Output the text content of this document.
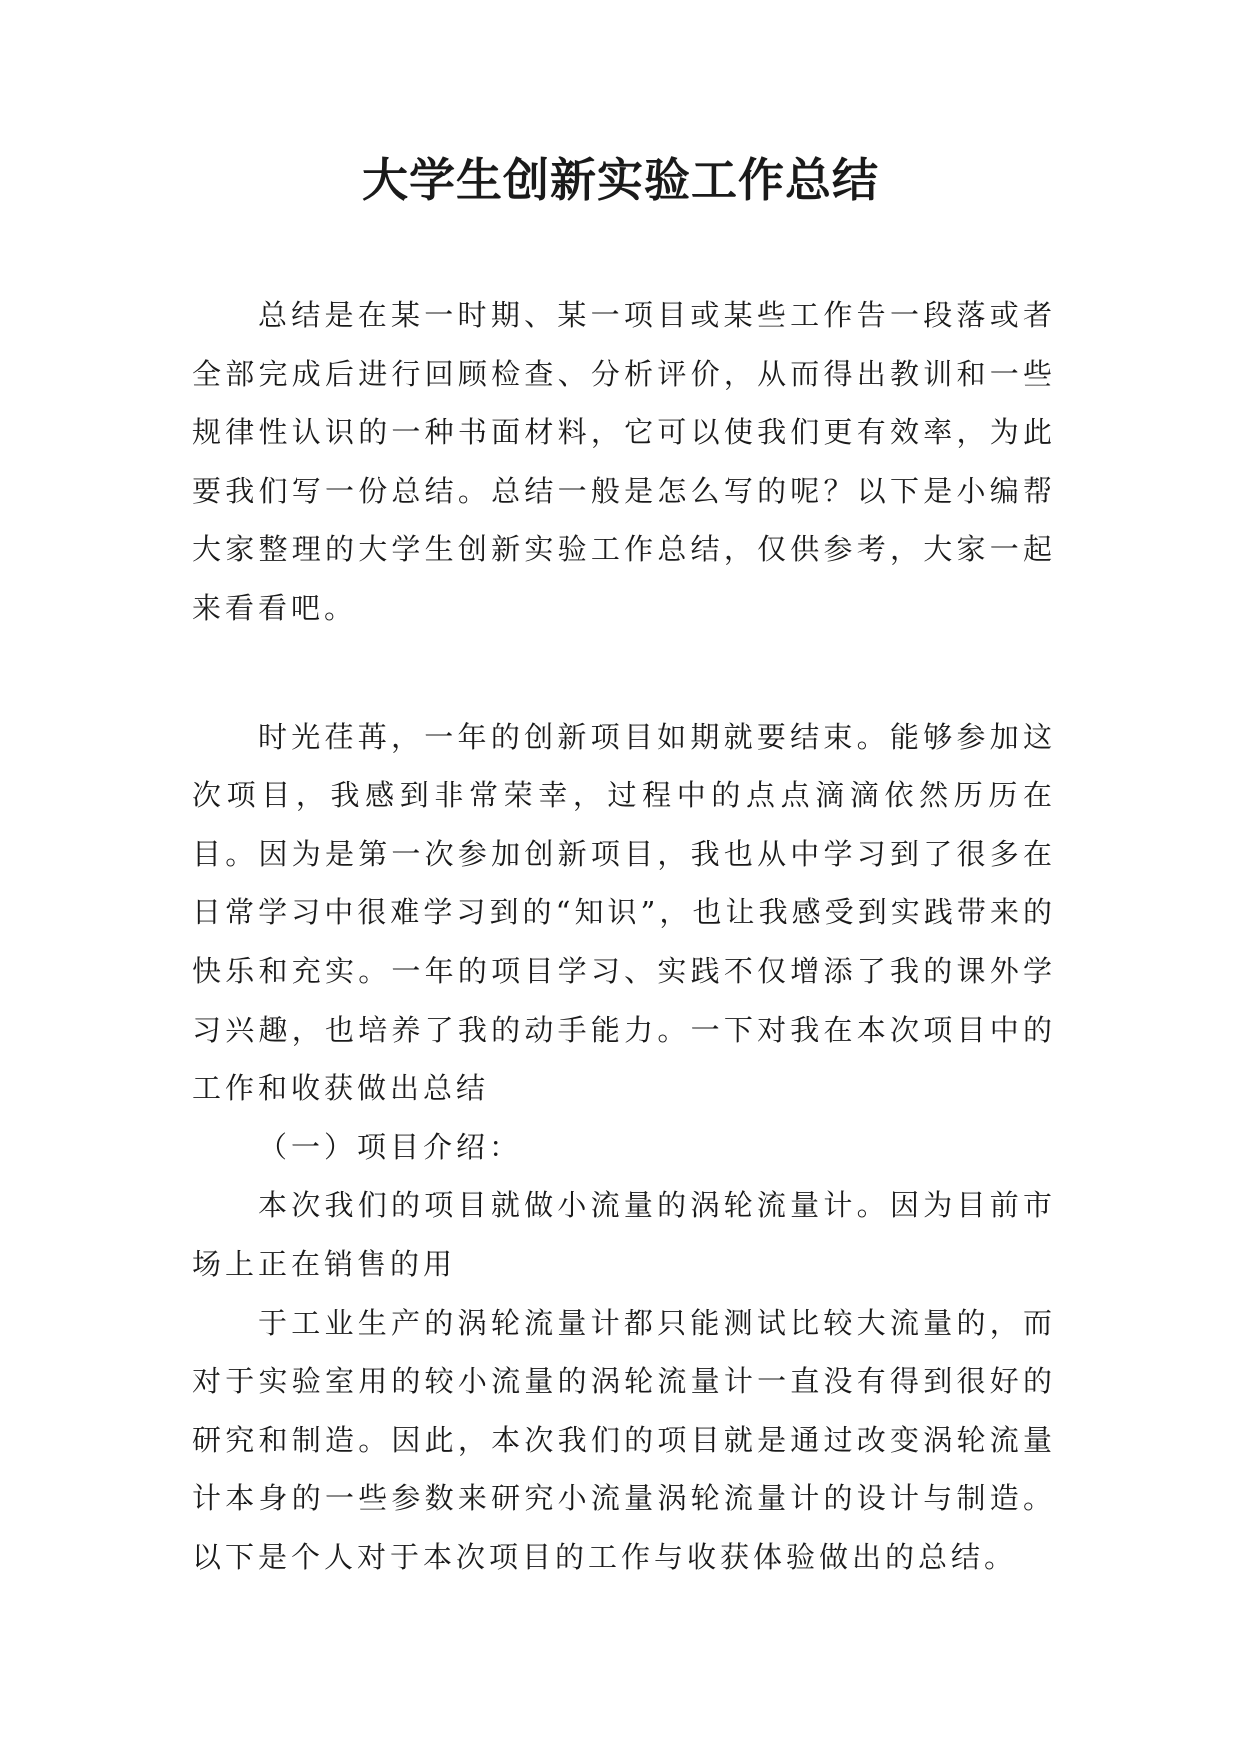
大学生创新实验工作总结

总结是在某一时期、某一项目或某些工作告一段落或者全部完成后进行回顾检查、分析评价，从而得出教训和一些规律性认识的一种书面材料，它可以使我们更有效率，为此要我们写一份总结。总结一般是怎么写的呢？以下是小编帮大家整理的大学生创新实验工作总结，仅供参考，大家一起来看看吧。

时光荏苒，一年的创新项目如期就要结束。能够参加这次项目，我感到非常荣幸，过程中的点点滴滴依然历历在目。因为是第一次参加创新项目，我也从中学习到了很多在日常学习中很难学习到的“知识”，也让我感受到实践带来的快乐和充实。一年的项目学习、实践不仅增添了我的课外学习兴趣，也培养了我的动手能力。一下对我在本次项目中的工作和收获做出总结

（一）项目介绍：

本次我们的项目就做小流量的涡轮流量计。因为目前市场上正在销售的用

于工业生产的涡轮流量计都只能测试比较大流量的，而对于实验室用的较小流量的涡轮流量计一直没有得到很好的研究和制造。因此，本次我们的项目就是通过改变涡轮流量计本身的一些参数来研究小流量涡轮流量计的设计与制造。以下是个人对于本次项目的工作与收获体验做出的总结。
